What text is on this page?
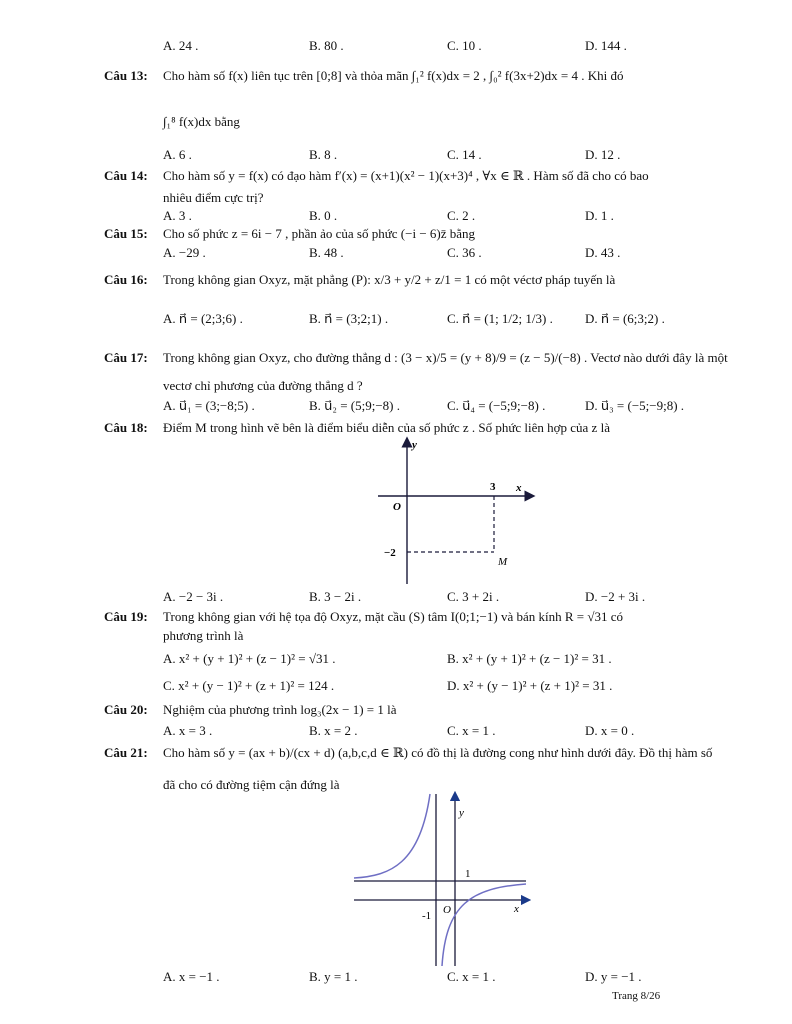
A. 24 .	B. 80 .	C. 10 .	D. 144 .
Câu 13: Cho hàm số f(x) liên tục trên [0;8] và thỏa mãn ∫₁² f(x)dx = 2 , ∫₀² f(3x+2)dx = 4 . Khi đó
∫₁⁸ f(x)dx bằng
A. 6 .	B. 8 .	C. 14 .	D. 12 .
Câu 14: Cho hàm số y = f(x) có đạo hàm f′(x) = (x+1)(x² − 1)(x+3)⁴ , ∀x ∈ ℝ . Hàm số đã cho có bao
nhiêu điểm cực trị?
A. 3 .	B. 0 .	C. 2 .	D. 1 .
Câu 15: Cho số phức z = 6i − 7 , phần ảo của số phức (−i − 6)z̄ bằng
A. −29 .	B. 48 .	C. 36 .	D. 43 .
Câu 16: Trong không gian Oxyz, mặt phẳng (P): x/3 + y/2 + z/1 = 1 có một véctơ pháp tuyến là
A. n⃗ = (2;3;6) .	B. n⃗ = (3;2;1) .	C. n⃗ = (1; 1/2; 1/3) . D. n⃗ = (6;3;2) .
Câu 17: Trong không gian Oxyz, cho đường thẳng d : (3 − x)/5 = (y + 8)/9 = (z − 5)/(−8) . Vectơ nào dưới đây là một
vectơ chỉ phương của đường thẳng d ?
A. u⃗₁ = (3;−8;5) .	B. u⃗₂ = (5;9;−8) .	C. u⃗₄ = (−5;9;−8) .	D. u⃗₃ = (−5;−9;8) .
Câu 18: Điểm M trong hình vẽ bên là điểm biểu diễn của số phức z . Số phức liên hợp của z là
y
x
O
3
−2
M
A. −2 − 3i .	B. 3 − 2i .	C. 3 + 2i .	D. −2 + 3i .
Câu 19: Trong không gian với hệ tọa độ Oxyz, mặt cầu (S) tâm I(0;1;−1) và bán kính R = √31 có
phương trình là
A. x² + (y + 1)² + (z − 1)² = √31 .	B. x² + (y + 1)² + (z − 1)² = 31 .
C. x² + (y − 1)² + (z + 1)² = 124 .	D. x² + (y − 1)² + (z + 1)² = 31 .
Câu 20: Nghiệm của phương trình log₃(2x − 1) = 1 là
A. x = 3 .	B. x = 2 .	C. x = 1 .	D. x = 0 .
Câu 21: Cho hàm số y = (ax + b)/(cx + d) (a,b,c,d ∈ ℝ) có đồ thị là đường cong như hình dưới đây. Đồ thị hàm số
đã cho có đường tiệm cận đứng là
y
x
O
1
-1
A. x = −1 .	B. y = 1 .	C. x = 1 .	D. y = −1 .
Trang 8/26
